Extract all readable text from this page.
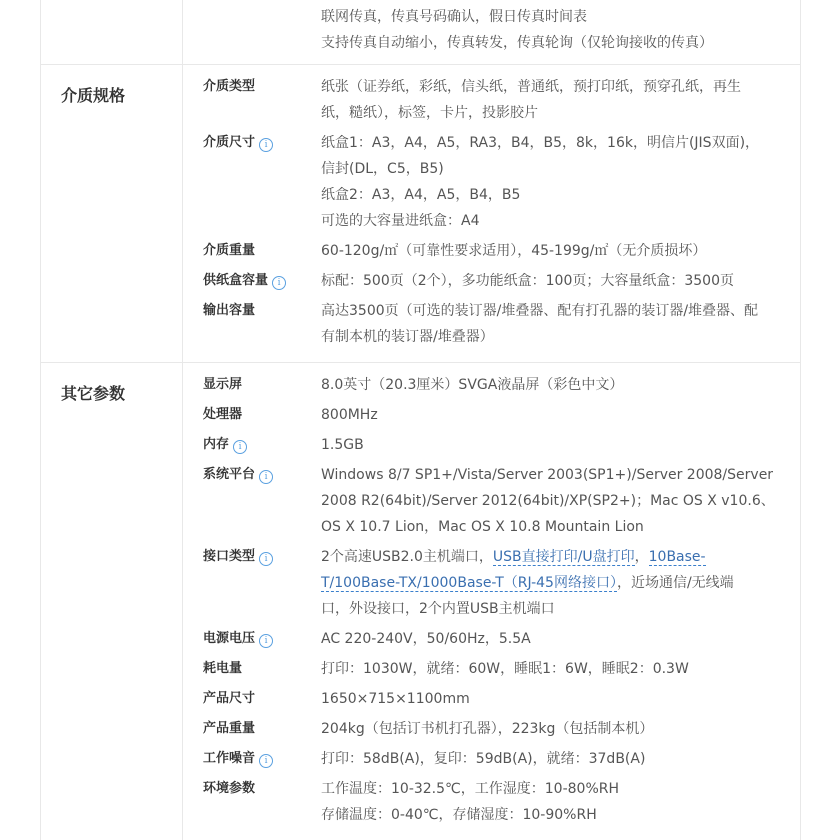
联网传真，传真号码确认，假日传真时间表
支持传真自动缩小，传真转发，传真轮询（仅轮询接收的传真）
介质规格	介质类型	纸张（证券纸，彩纸，信头纸，普通纸，预打印纸，预穿孔纸，再生
纸，糙纸），标签，卡片，投影胶片
介质尺寸 i	纸盒1：A3，A4，A5，RA3，B4，B5，8k，16k，明信片(JIS双面)，
信封(DL，C5，B5)
纸盒2：A3，A4，A5，B4，B5
可选的大容量进纸盒：A4
介质重量	60-120g/㎡（可靠性要求适用），45-199g/㎡（无介质损坏）
供纸盒容量 i	标配：500页（2个），多功能纸盒：100页；大容量纸盒：3500页
输出容量	高达3500页（可选的装订器/堆叠器、配有打孔器的装订器/堆叠器、配
有制本机的装订器/堆叠器）
其它参数	显示屏	8.0英寸（20.3厘米）SVGA液晶屏（彩色中文）
处理器	800MHz
内存 i	1.5GB
系统平台 i	Windows 8/7 SP1+/Vista/Server 2003(SP1+)/Server 2008/Server
2008 R2(64bit)/Server 2012(64bit)/XP(SP2+)；Mac OS X v10.6、
OS X 10.7 Lion，Mac OS X 10.8 Mountain Lion
接口类型 i	2个高速USB2.0主机端口，USB直接打印/U盘打印，10Base-
T/100Base-TX/1000Base-T（RJ-45网络接口），近场通信/无线端
口，外设接口，2个内置USB主机端口
电源电压 i	AC 220-240V，50/60Hz，5.5A
耗电量	打印：1030W，就绪：60W，睡眠1：6W，睡眠2：0.3W
产品尺寸	1650×715×1100mm
产品重量	204kg（包括订书机打孔器），223kg（包括制本机）
工作噪音 i	打印：58dB(A)，复印：59dB(A)，就绪：37dB(A)
环境参数	工作温度：10-32.5℃，工作湿度：10-80%RH
存储温度：0-40℃，存储湿度：10-90%RH
